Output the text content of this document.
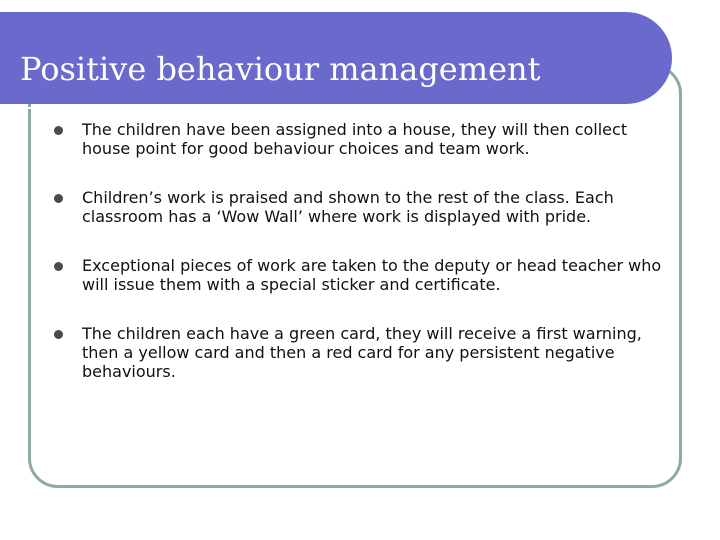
Positive behaviour management
The children have been assigned into a house, they will then collect house point for good behaviour choices and team work.
Children’s work is praised and shown to the rest of the class. Each classroom has a ‘Wow Wall’ where work is displayed with pride.
Exceptional pieces of work are taken to the deputy or head teacher who will issue them with a special sticker and certificate.
The children each have a green card, they will receive a first warning, then a yellow card and then a red card for any persistent negative behaviours.
